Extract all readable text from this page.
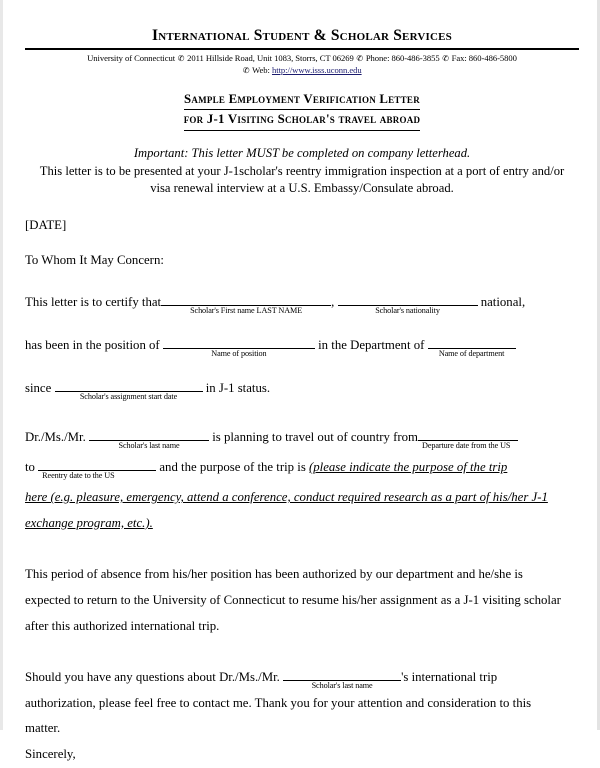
International Student & Scholar Services
University of Connecticut ✆ 2011 Hillside Road, Unit 1083, Storrs, CT 06269 ✆ Phone: 860-486-3855 ✆ Fax: 860-486-5800
✆ Web: http://www.isss.uconn.edu
Sample Employment Verification Letter
for J-1 Visiting Scholar's travel abroad
Important: This letter MUST be completed on company letterhead.
This letter is to be presented at your J-1scholar's reentry immigration inspection at a port of entry and/or
visa renewal interview at a U.S. Embassy/Consulate abroad.
[DATE]
To Whom It May Concern:
This letter is to certify that
Scholar's First name LAST NAME
,
Scholar's nationality
national,
has been in the position of
Name of position
in the Department of
Name of department
since
Scholar's assignment start date
in J-1 status.
Dr./Ms./Mr.
Scholar's last name
is planning to travel out of country from
Departure date from the US
to
Reentry date to the US
and the purpose of the trip is (please indicate the purpose of the trip
here (e.g. pleasure, emergency, attend a conference, conduct required research as a part of his/her J-1
exchange program, etc.).
This period of absence from his/her position has been authorized by our department and he/she is
expected to return to the University of Connecticut to resume his/her assignment as a J-1 visiting scholar
after this authorized international trip.
Should you have any questions about Dr./Ms./Mr.
Scholar's last name
's international trip
authorization, please feel free to contact me. Thank you for your attention and consideration to this
matter.
Sincerely,
